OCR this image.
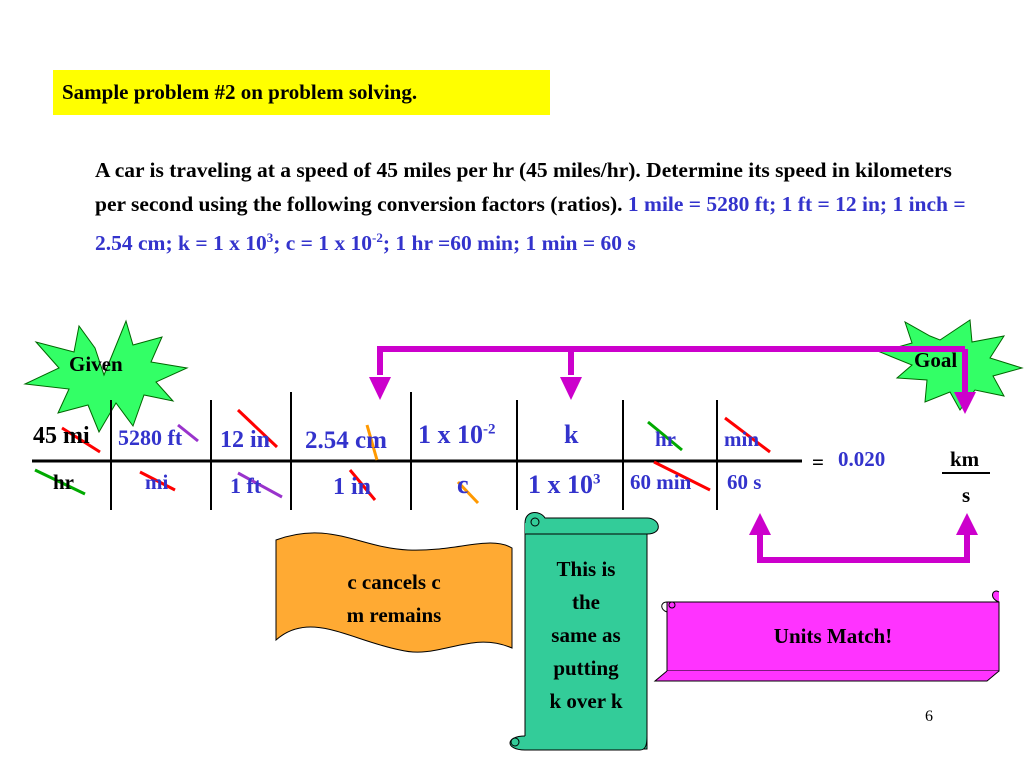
Sample problem #2 on problem solving.
A car is traveling at a speed of 45 miles per hr (45 miles/hr). Determine its speed in kilometers per second using the following conversion factors (ratios). 1 mile = 5280 ft; 1 ft = 12 in; 1 inch = 2.54 cm; k = 1 x $10^3$; c = 1 x $10^{-2}$; 1 hr =60 min; 1 min = 60 s
Given	Goal
45 mi
hr
5280 ft
mi
12 in
1 ft
2.54 cm
1 in
1 x $10^{-2}$
c
k
1 x $10^3$
hr
60 min
min
60 s
= 0.020	km
s
c cancels c
m remains
This is
the
same as
putting
k over k
Units Match!
6
